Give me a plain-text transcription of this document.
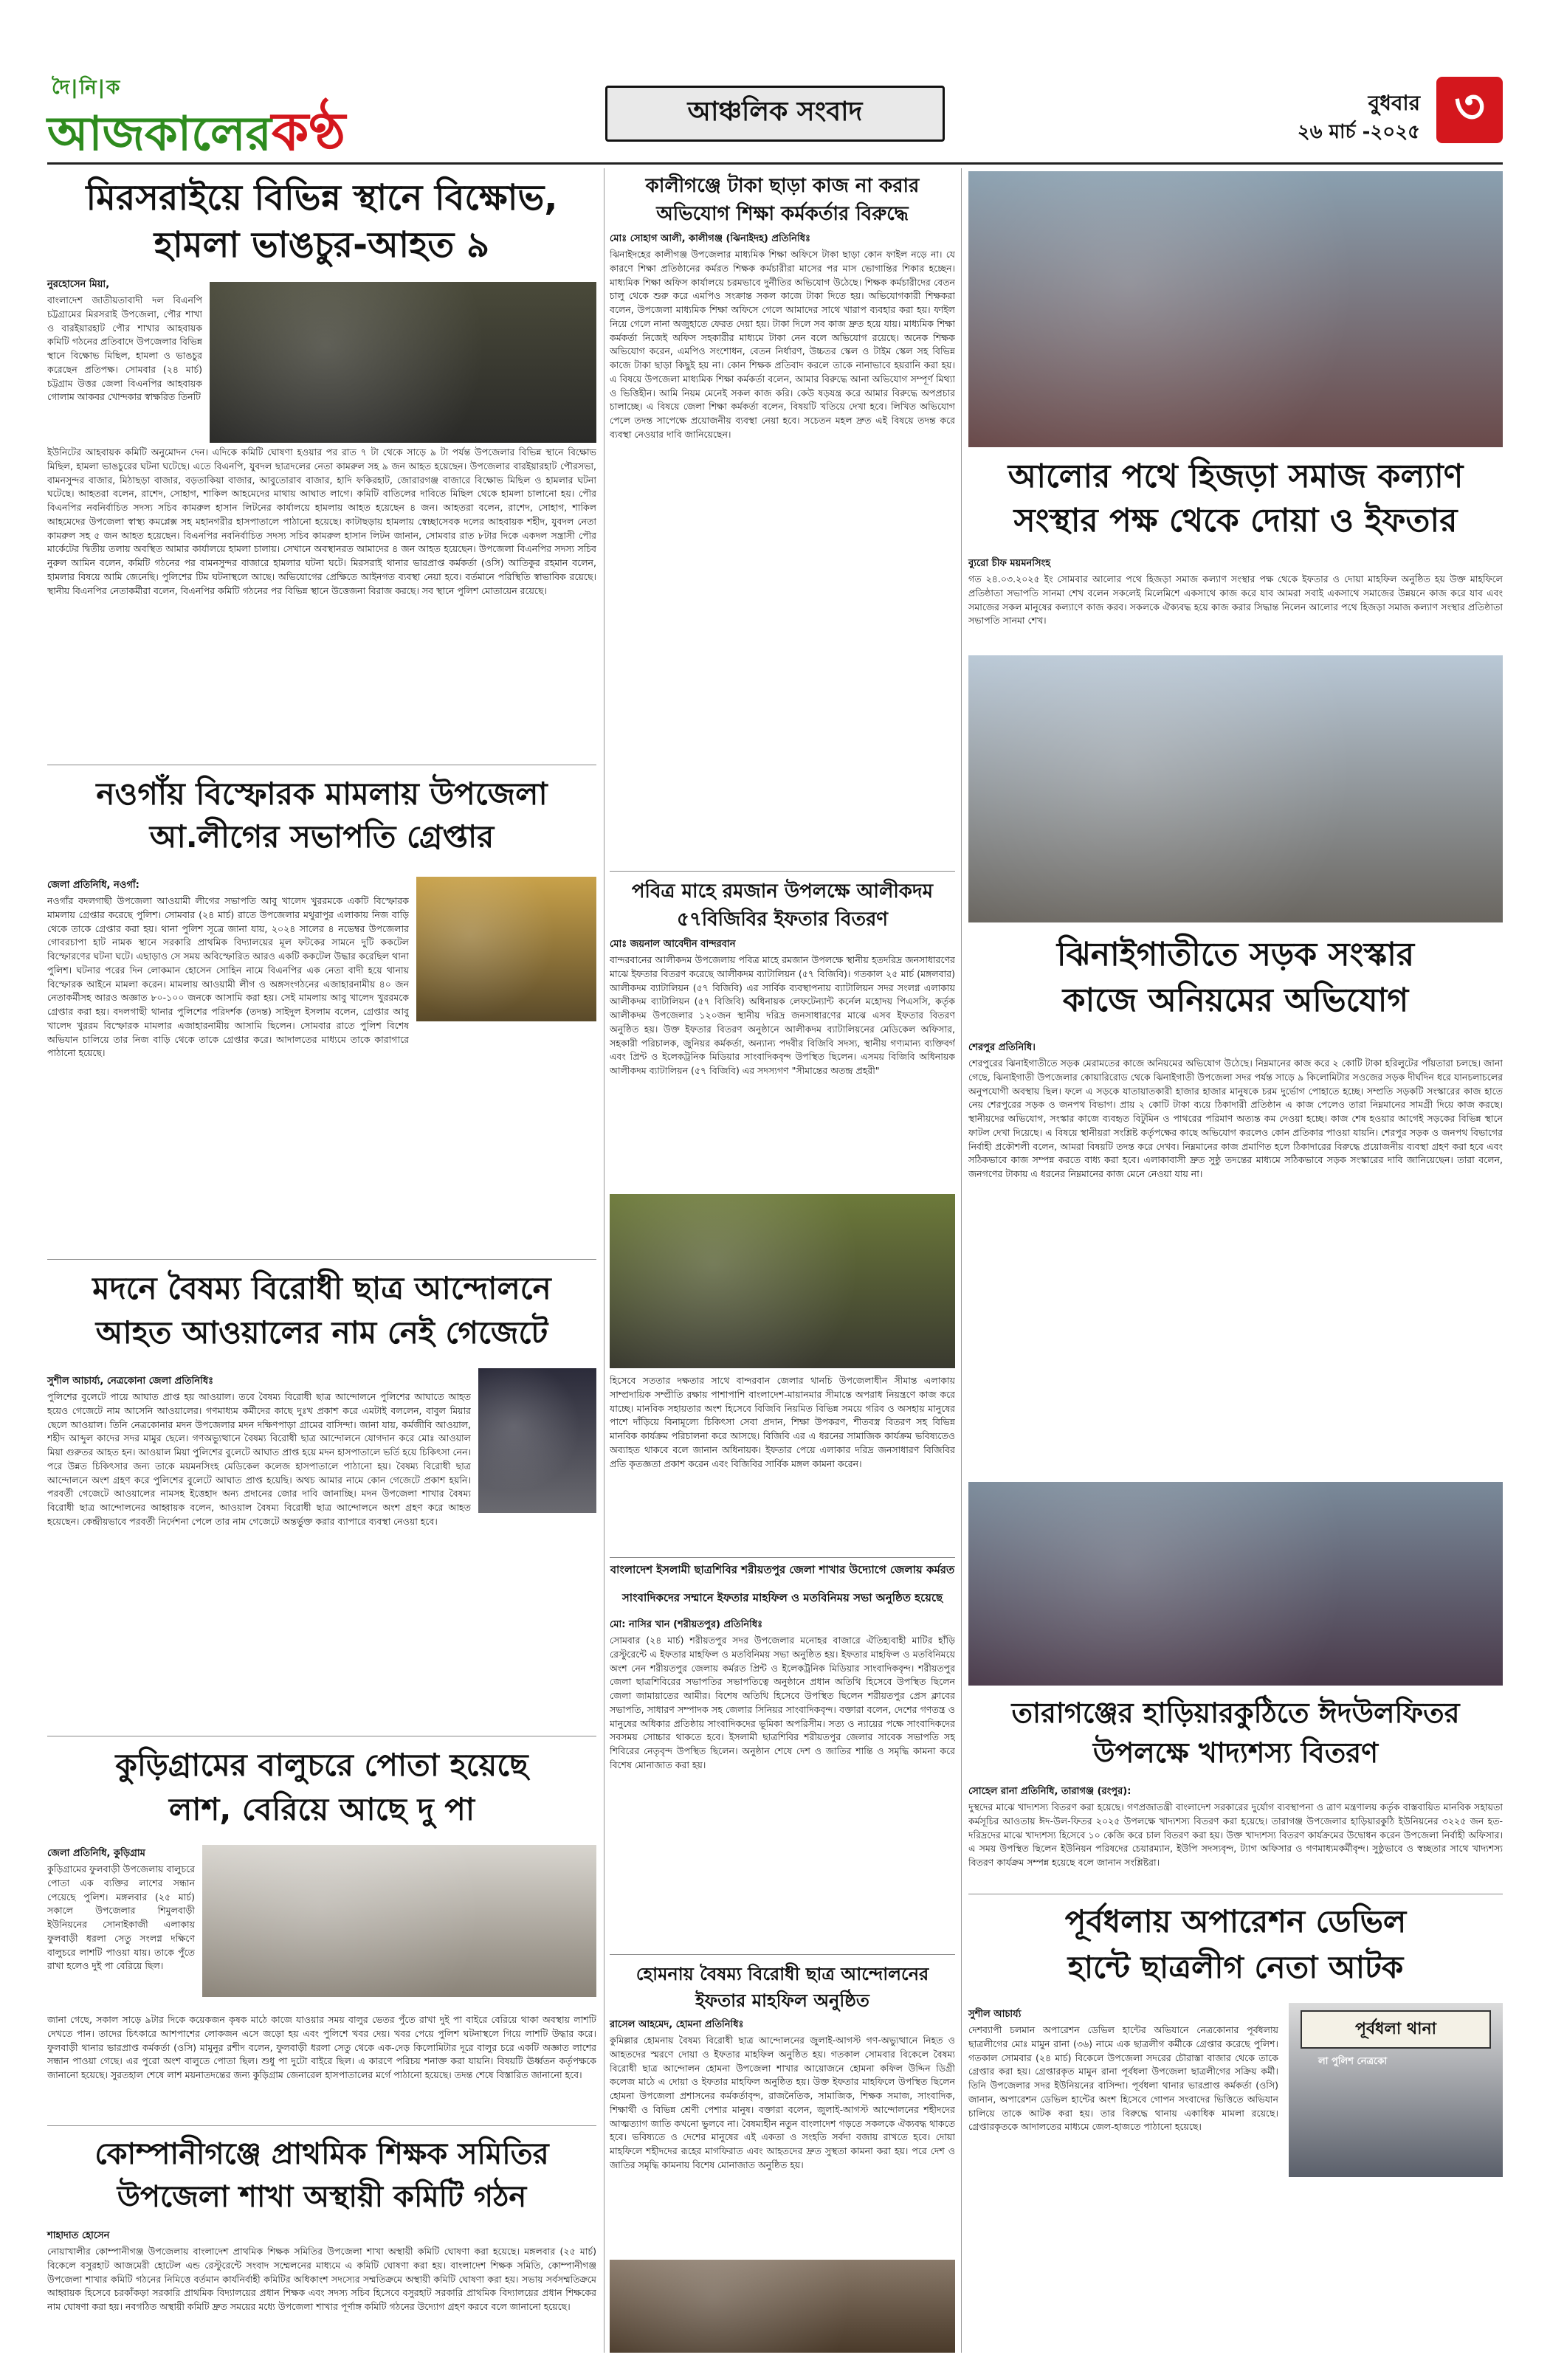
দৈ|নি|ক
আজকালেরকণ্ঠ	আঞ্চলিক সংবাদ	বুধবার
২৬ মার্চ -২০২৫ ৩
মিরসরাইয়ে বিভিন্ন স্থানে বিক্ষোভ,
হামলা ভাঙচুর-আহত ৯
নুরহোসেন মিয়া,
বাংলাদেশ জাতীয়তাবাদী দল বিএনপি চট্টগ্রামের মিরসরাই উপজেলা, পৌর শাখা ও বারইয়ারহাট পৌর শাখার আহবায়ক কমিটি গঠনের প্রতিবাদে উপজেলার বিভিন্ন স্থানে বিক্ষোভ মিছিল, হামলা ও ভাঙচুর করেছেন প্রতিপক্ষ। সোমবার (২৪ মার্চ) চট্টগ্রাম উত্তর জেলা বিএনপির আহবায়ক গোলাম আকবর খোন্দকার স্বাক্ষরিত তিনটি
ইউনিটের আহবায়ক কমিটি অনুমোদন দেন। এদিকে কমিটি ঘোষণা হওয়ার পর রাত ৭ টা থেকে সাড়ে ৯ টা পর্যন্ত উপজেলার বিভিন্ন স্থানে বিক্ষোভ মিছিল, হামলা ভাঙচুরের ঘটনা ঘটেছে। এতে বিএনপি, যুবদল ছাত্রদলের নেতা কামরুল সহ ৯ জন আহত হয়েছেন। উপজেলার বারইয়ারহাট পৌরসভা, বামনসুন্দর বাজার, মিঠাছড়া বাজার, বড়তাকিয়া বাজার, আবুতোরাব বাজার, হাদি ফকিরহাট, জোরারগঞ্জ বাজারে বিক্ষোভ মিছিল ও হামলার ঘটনা ঘটেছে। আহতরা বলেন, রাশেদ, সোহাগ, শাকিল আহমেদের মাথায় আঘাত লাগে। কমিটি বাতিলের দাবিতে মিছিল থেকে হামলা চালানো হয়। পৌর বিএনপির নবনির্বাচিত সদস্য সচিব কামরুল হাসান লিটনের কার্যালয়ে হামলায় আহত হয়েছেন ৪ জন। আহতরা বলেন, রাশেদ, সোহাগ, শাকিল আহমেদের উপজেলা স্বাস্থ্য কমপ্লেক্স সহ মহানগরীর হাসপাতালে পাঠানো হয়েছে। কাটাছড়ায় হামলায় স্বেচ্ছাসেবক দলের আহবায়ক শহীদ, যুবদল নেতা কামরুল সহ ৫ জন আহত হয়েছেন। বিএনপির নবনির্বাচিত সদস্য সচিব কামরুল হাসান লিটন জানান, সোমবার রাত ৮টার দিকে একদল সন্ত্রাসী পৌর মার্কেটের দ্বিতীয় তলায় অবস্থিত আমার কার্যালয়ে হামলা চালায়। সেখানে অবস্থানরত আমাদের ৪ জন আহত হয়েছেন। উপজেলা বিএনপির সদস্য সচিব নুরুল আমিন বলেন, কমিটি গঠনের পর বামনসুন্দর বাজারে হামলার ঘটনা ঘটে। মিরসরাই থানার ভারপ্রাপ্ত কর্মকর্তা (ওসি) আতিকুর রহমান বলেন, হামলার বিষয়ে আমি জেনেছি। পুলিশের টিম ঘটনাস্থলে আছে। অভিযোগের প্রেক্ষিতে আইনগত ব্যবস্থা নেয়া হবে। বর্তমানে পরিস্থিতি স্বাভাবিক রয়েছে। স্থানীয় বিএনপির নেতাকর্মীরা বলেন, বিএনপির কমিটি গঠনের পর বিভিন্ন স্থানে উত্তেজনা বিরাজ করছে। সব স্থানে পুলিশ মোতায়েন রয়েছে।
নওগাঁয় বিস্ফোরক মামলায় উপজেলা
আ.লীগের সভাপতি গ্রেপ্তার
জেলা প্রতিনিধি, নওগাঁ:
নওগাঁর বদলগাছী উপজেলা আওয়ামী লীগের সভাপতি আবু খালেদ খুররমকে একটি বিস্ফোরক মামলায় গ্রেপ্তার করেছে পুলিশ। সোমবার (২৪ মার্চ) রাতে উপজেলার মথুরাপুর এলাকায় নিজ বাড়ি থেকে তাকে গ্রেপ্তার করা হয়। থানা পুলিশ সূত্রে জানা যায়, ২০২৪ সালের ৪ নভেম্বর উপজেলার গোবরচাপা হাট নামক স্থানে সরকারি প্রাথমিক বিদ্যালয়ের মূল ফটকের সামনে দুটি ককটেল বিস্ফোরণের ঘটনা ঘটে। এছাড়াও সে সময় অবিস্ফোরিত আরও একটি ককটেল উদ্ধার করেছিল থানা পুলিশ। ঘটনার পরের দিন লোকমান হোসেন সোহিন নামে বিএনপির এক নেতা বাদী হয়ে থানায় বিস্ফোরক আইনে মামলা করেন। মামলায় আওয়ামী লীগ ও অঙ্গসংগঠনের এজাহারনামীয় ৪০ জন নেতাকর্মীসহ আরও অজ্ঞাত ৮০-১০০ জনকে আসামি করা হয়। সেই মামলায় আবু খালেদ খুররমকে গ্রেপ্তার করা হয়। বদলগাছী থানার পুলিশের পরিদর্শক (তদন্ত) সাইদুল ইসলাম বলেন, গ্রেপ্তার আবু খালেদ খুররম বিস্ফোরক মামলার এজাহারনামীয় আসামি ছিলেন। সোমবার রাতে পুলিশ বিশেষ অভিযান চালিয়ে তার নিজ বাড়ি থেকে তাকে গ্রেপ্তার করে। আদালতের মাধ্যমে তাকে কারাগারে পাঠানো হয়েছে।
মদনে বৈষম্য বিরোধী ছাত্র আন্দোলনে
আহত আওয়ালের নাম নেই গেজেটে
সুশীল আচার্য্য, নেত্রকোনা জেলা প্রতিনিধিঃ
পুলিশের বুলেটে পায়ে আঘাত প্রাপ্ত হয় আওয়াল। তবে বৈষম্য বিরোধী ছাত্র আন্দোলনে পুলিশের আঘাতে আহত হয়েও গেজেটে নাম আসেনি আওয়ালের। গণমাধ্যম কর্মীদের কাছে দুঃখ প্রকাশ করে এমটাই বললেন, বাবুল মিয়ার ছেলে আওয়াল। তিনি নেত্রকোনার মদন উপজেলার মদন দক্ষিণপাড়া গ্রামের বাসিন্দা। জানা যায়, কর্মজীবি আওয়াল, শহীদ আব্দুল কাদের সদর মামুর ছেলে। গণঅভ্যুত্থানে বৈষম্য বিরোধী ছাত্র আন্দোলনে যোগদান করে মোঃ আওয়াল মিয়া গুরুতর আহত হন। আওয়াল মিয়া পুলিশের বুলেটে আঘাত প্রাপ্ত হয়ে মদন হাসপাতালে ভর্তি হয়ে চিকিৎসা নেন। পরে উন্নত চিকিৎসার জন্য তাকে ময়মনসিংহ মেডিকেল কলেজ হাসপাতালে পাঠানো হয়। বৈষম্য বিরোধী ছাত্র আন্দোলনে অংশ গ্রহণ করে পুলিশের বুলেটে আঘাত প্রাপ্ত হয়েছি। অথচ আমার নামে কোন গেজেটে প্রকাশ হয়নি। পরবর্তী গেজেটে আওয়ালের নামসহ ইত্তেহাদ অন্য প্রদানের জোর দাবি জানাচ্ছি। মদন উপজেলা শাখার বৈষম্য বিরোধী ছাত্র আন্দোলনের আহ্বায়ক বলেন, আওয়াল বৈষম্য বিরোধী ছাত্র আন্দোলনে অংশ গ্রহণ করে আহত হয়েছেন। কেন্দ্রীয়ভাবে পরবর্তী নির্দেশনা পেলে তার নাম গেজেটে অন্তর্ভুক্ত করার ব্যাপারে ব্যবস্থা নেওয়া হবে।
কুড়িগ্রামের বালুচরে পোতা হয়েছে
লাশ, বেরিয়ে আছে দু পা
জেলা প্রতিনিধি, কুড়িগ্রাম
কুড়িগ্রামের ফুলবাড়ী উপজেলায় বালুচরে পোতা এক ব্যক্তির লাশের সন্ধান পেয়েছে পুলিশ। মঙ্গলবার (২৫ মার্চ) সকালে উপজেলার শিমুলবাড়ী ইউনিয়নের সোনাইকাজী এলাকায় ফুলবাড়ী ধরলা সেতু সংলগ্ন দক্ষিণে বালুচরে লাশটি পাওয়া যায়। তাকে পুঁতে রাখা হলেও দুই পা বেরিয়ে ছিল।
জানা গেছে, সকাল সাড়ে ৯টার দিকে কয়েকজন কৃষক মাঠে কাজে যাওয়ার সময় বালুর ভেতর পুঁতে রাখা দুই পা বাইরে বেরিয়ে থাকা অবস্থায় লাশটি দেখতে পান। তাদের চিৎকারে আশপাশের লোকজন এসে জড়ো হয় এবং পুলিশে খবর দেয়। খবর পেয়ে পুলিশ ঘটনাস্থলে গিয়ে লাশটি উদ্ধার করে। ফুলবাড়ী থানার ভারপ্রাপ্ত কর্মকর্তা (ওসি) মামুনুর রশীদ বলেন, ফুলবাড়ী ধরলা সেতু থেকে এক-দেড় কিলোমিটার দূরে বালুর চরে একটি অজ্ঞাত লাশের সন্ধান পাওয়া গেছে। এর পুরো অংশ বালুতে পোতা ছিল। শুধু পা দুটো বাইরে ছিল। এ কারণে পরিচয় শনাক্ত করা যায়নি। বিষয়টি ঊর্ধ্বতন কর্তৃপক্ষকে জানানো হয়েছে। সুরতহাল শেষে লাশ ময়নাতদন্তের জন্য কুড়িগ্রাম জেনারেল হাসপাতালের মর্গে পাঠানো হয়েছে। তদন্ত শেষে বিস্তারিত জানানো হবে।
কোম্পানীগঞ্জে প্রাথমিক শিক্ষক সমিতির
উপজেলা শাখা অস্থায়ী কমিটি গঠন
শাহাদাত হোসেন
নোয়াখালীর কোম্পানীগঞ্জ উপজেলায় বাংলাদেশ প্রাথমিক শিক্ষক সমিতির উপজেলা শাখা অস্থায়ী কমিটি ঘোষণা করা হয়েছে। মঙ্গলবার (২৫ মার্চ) বিকেলে বসুরহাট আজমেরী হোটেল এন্ড রেস্টুরেন্টে সংবাদ সম্মেলনের মাধ্যমে এ কমিটি ঘোষণা করা হয়। বাংলাদেশ শিক্ষক সমিতি, কোম্পানীগঞ্জ উপজেলা শাখার কমিটি গঠনের নিমিত্তে বর্তমান কার্যনির্বাহী কমিটির অধিকাংশ সদস্যের সম্মতিক্রমে অস্থায়ী কমিটি ঘোষণা করা হয়। সভায় সর্বসম্মতিক্রমে আহ্বায়ক হিসেবে চরকাঁকড়া সরকারি প্রাথমিক বিদ্যালয়ের প্রধান শিক্ষক এবং সদস্য সচিব হিসেবে বসুরহাট সরকারি প্রাথমিক বিদ্যালয়ের প্রধান শিক্ষকের নাম ঘোষণা করা হয়। নবগঠিত অস্থায়ী কমিটি দ্রুত সময়ের মধ্যে উপজেলা শাখার পূর্ণাঙ্গ কমিটি গঠনের উদ্যোগ গ্রহণ করবে বলে জানানো হয়েছে।
কালীগঞ্জে টাকা ছাড়া কাজ না করার
অভিযোগ শিক্ষা কর্মকর্তার বিরুদ্ধে
মোঃ সোহাগ আলী, কালীগঞ্জ (ঝিনাইদহ) প্রতিনিধিঃ
ঝিনাইদহের কালীগঞ্জ উপজেলার মাধ্যমিক শিক্ষা অফিসে টাকা ছাড়া কোন ফাইল নড়ে না। যে কারণে শিক্ষা প্রতিষ্ঠানের কর্মরত শিক্ষক কর্মচারীরা মাসের পর মাস ভোগান্তির শিকার হচ্ছেন। মাধ্যমিক শিক্ষা অফিস কার্যালয়ে চরমভাবে দুর্নীতির অভিযোগ উঠেছে। শিক্ষক কর্মচারীদের বেতন চালু থেকে শুরু করে এমপিও সংক্রান্ত সকল কাজে টাকা দিতে হয়। অভিযোগকারী শিক্ষকরা বলেন, উপজেলা মাধ্যমিক শিক্ষা অফিসে গেলে আমাদের সাথে খারাপ ব্যবহার করা হয়। ফাইল নিয়ে গেলে নানা অজুহাতে ফেরত দেয়া হয়। টাকা দিলে সব কাজ দ্রুত হয়ে যায়। মাধ্যমিক শিক্ষা কর্মকর্তা নিজেই অফিস সহকারীর মাধ্যমে টাকা নেন বলে অভিযোগ রয়েছে। অনেক শিক্ষক অভিযোগ করেন, এমপিও সংশোধন, বেতন নির্ধারণ, উচ্চতর স্কেল ও টাইম স্কেল সহ বিভিন্ন কাজে টাকা ছাড়া কিছুই হয় না। কোন শিক্ষক প্রতিবাদ করলে তাকে নানাভাবে হয়রানি করা হয়। এ বিষয়ে উপজেলা মাধ্যমিক শিক্ষা কর্মকর্তা বলেন, আমার বিরুদ্ধে আনা অভিযোগ সম্পূর্ণ মিথ্যা ও ভিত্তিহীন। আমি নিয়ম মেনেই সকল কাজ করি। কেউ ষড়যন্ত্র করে আমার বিরুদ্ধে অপপ্রচার চালাচ্ছে। এ বিষয়ে জেলা শিক্ষা কর্মকর্তা বলেন, বিষয়টি খতিয়ে দেখা হবে। লিখিত অভিযোগ পেলে তদন্ত সাপেক্ষে প্রয়োজনীয় ব্যবস্থা নেয়া হবে। সচেতন মহল দ্রুত এই বিষয়ে তদন্ত করে ব্যবস্থা নেওয়ার দাবি জানিয়েছেন।
পবিত্র মাহে রমজান উপলক্ষে আলীকদম
৫৭বিজিবির ইফতার বিতরণ
মোঃ জয়নাল আবেদীন বান্দরবান
বান্দরবানের আলীকদম উপজেলায় পবিত্র মাহে রমজান উপলক্ষে স্থানীয় হতদরিদ্র জনসাধারণের মাঝে ইফতার বিতরণ করেছে আলীকদম ব্যাটালিয়ন (৫৭ বিজিবি)। গতকাল ২৫ মার্চ (মঙ্গলবার) আলীকদম ব্যাটালিয়ন (৫৭ বিজিবি) এর সার্বিক ব্যবস্থাপনায় ব্যাটালিয়ন সদর সংলগ্ন এলাকায় আলীকদম ব্যাটালিয়ন (৫৭ বিজিবি) অধিনায়ক লেফটেন্যান্ট কর্নেল মহোদয় পিএসসি, কর্তৃক আলীকদম উপজেলার ১২০জন স্থানীয় দরিদ্র জনসাধারণের মাঝে এসব ইফতার বিতরণ অনুষ্ঠিত হয়। উক্ত ইফতার বিতরণ অনুষ্ঠানে আলীকদম ব্যাটালিয়নের মেডিকেল অফিসার, সহকারী পরিচালক, জুনিয়র কর্মকর্তা, অন্যান্য পদবীর বিজিবি সদস্য, স্থানীয় গণ্যমান্য ব্যক্তিবর্গ এবং প্রিন্ট ও ইলেকট্রনিক মিডিয়ার সাংবাদিকবৃন্দ উপস্থিত ছিলেন। এসময় বিজিবি অধিনায়ক আলীকদম ব্যাটালিয়ন (৫৭ বিজিবি) এর সদস্যগণ "সীমান্তের অতন্দ্র প্রহরী"
হিসেবে সততার দক্ষতার সাথে বান্দরবান জেলার থানচি উপজেলাধীন সীমান্ত এলাকায় সাম্প্রদায়িক সম্প্রীতি রক্ষায় পাশাপাশি বাংলাদেশ-মায়ানমার সীমান্তে অপরাধ নিয়ন্ত্রণে কাজ করে যাচ্ছে। মানবিক সহায়তার অংশ হিসেবে বিজিবি নিয়মিত বিভিন্ন সময়ে গরিব ও অসহায় মানুষের পাশে দাঁড়িয়ে বিনামূল্যে চিকিৎসা সেবা প্রদান, শিক্ষা উপকরণ, শীতবস্ত্র বিতরণ সহ বিভিন্ন মানবিক কার্যক্রম পরিচালনা করে আসছে। বিজিবি এর এ ধরনের সামাজিক কার্যক্রম ভবিষ্যতেও অব্যাহত থাকবে বলে জানান অধিনায়ক। ইফতার পেয়ে এলাকার দরিদ্র জনসাধারণ বিজিবির প্রতি কৃতজ্ঞতা প্রকাশ করেন এবং বিজিবির সার্বিক মঙ্গল কামনা করেন।
বাংলাদেশ ইসলামী ছাত্রশিবির শরীয়তপুর জেলা শাখার উদ্যোগে জেলায় কর্মরত
সাংবাদিকদের সম্মানে ইফতার মাহফিল ও মতবিনিময় সভা অনুষ্ঠিত হয়েছে
মো: নাসির খান (শরীয়তপুর) প্রতিনিধিঃ
সোমবার (২৪ মার্চ) শরীয়তপুর সদর উপজেলার মনোহর বাজারে ঐতিহ্যবাহী মাটির হাঁড়ি রেস্টুরেন্টে এ ইফতার মাহফিল ও মতবিনিময় সভা অনুষ্ঠিত হয়। ইফতার মাহফিল ও মতবিনিময়ে অংশ নেন শরীয়তপুর জেলায় কর্মরত প্রিন্ট ও ইলেকট্রনিক মিডিয়ার সাংবাদিকবৃন্দ। শরীয়তপুর জেলা ছাত্রশিবিরের সভাপতির সভাপতিত্বে অনুষ্ঠানে প্রধান অতিথি হিসেবে উপস্থিত ছিলেন জেলা জামায়াতের আমীর। বিশেষ অতিথি হিসেবে উপস্থিত ছিলেন শরীয়তপুর প্রেস ক্লাবের সভাপতি, সাধারণ সম্পাদক সহ জেলার সিনিয়র সাংবাদিকবৃন্দ। বক্তারা বলেন, দেশের গণতন্ত্র ও মানুষের অধিকার প্রতিষ্ঠায় সাংবাদিকদের ভূমিকা অপরিসীম। সত্য ও ন্যায়ের পক্ষে সাংবাদিকদের সবসময় সোচ্চার থাকতে হবে। ইসলামী ছাত্রশিবির শরীয়তপুর জেলার সাবেক সভাপতি সহ শিবিরের নেতৃবৃন্দ উপস্থিত ছিলেন। অনুষ্ঠান শেষে দেশ ও জাতির শান্তি ও সমৃদ্ধি কামনা করে বিশেষ মোনাজাত করা হয়।
হোমনায় বৈষম্য বিরোধী ছাত্র আন্দোলনের
ইফতার মাহফিল অনুষ্ঠিত
রাসেল আহমেদ, হোমনা প্রতিনিধিঃ
কুমিল্লার হোমনায় বৈষম্য বিরোধী ছাত্র আন্দোলনের জুলাই-আগস্ট গণ-অভ্যুত্থানে নিহত ও আহতদের স্মরণে দোয়া ও ইফতার মাহফিল অনুষ্ঠিত হয়। গতকাল সোমবার বিকেলে বৈষম্য বিরোধী ছাত্র আন্দোলন হোমনা উপজেলা শাখার আয়োজনে হোমনা কফিল উদ্দিন ডিগ্রী কলেজ মাঠে এ দোয়া ও ইফতার মাহফিল অনুষ্ঠিত হয়। উক্ত ইফতার মাহফিলে উপস্থিত ছিলেন হোমনা উপজেলা প্রশাসনের কর্মকর্তাবৃন্দ, রাজনৈতিক, সামাজিক, শিক্ষক সমাজ, সাংবাদিক, শিক্ষার্থী ও বিভিন্ন শ্রেণী পেশার মানুষ। বক্তারা বলেন, জুলাই-আগস্ট আন্দোলনের শহীদদের আত্মত্যাগ জাতি কখনো ভুলবে না। বৈষম্যহীন নতুন বাংলাদেশ গড়তে সকলকে ঐক্যবদ্ধ থাকতে হবে। ভবিষ্যতে ও দেশের মানুষের এই একতা ও সংহতি সর্বদা বজায় রাখতে হবে। দোয়া মাহফিলে শহীদদের রূহের মাগফিরাত এবং আহতদের দ্রুত সুস্থতা কামনা করা হয়। পরে দেশ ও জাতির সমৃদ্ধি কামনায় বিশেষ মোনাজাত অনুষ্ঠিত হয়।
আলোর পথে হিজড়া সমাজ কল্যাণ
সংস্থার পক্ষ থেকে দোয়া ও ইফতার
ব্যুরো চীফ ময়মনসিংহ
গত ২৪.০৩.২০২৫ ইং সোমবার আলোর পথে হিজড়া সমাজ কল্যাণ সংস্থার পক্ষ থেকে ইফতার ও দোয়া মাহফিল অনুষ্ঠিত হয় উক্ত মাহফিলে প্রতিষ্ঠাতা সভাপতি সানমা শেখ বলেন সকলেই মিলেমিশে একসাথে কাজ করে যাব আমরা সবাই একসাথে সমাজের উন্নয়নে কাজ করে যাব এবং সমাজের সকল মানুষের কল্যাণে কাজ করব। সকলকে ঐক্যবদ্ধ হয়ে কাজ করার সিদ্ধান্ত নিলেন আলোর পথে হিজড়া সমাজ কল্যাণ সংস্থার প্রতিষ্ঠাতা সভাপতি সানমা শেখ।
ঝিনাইগাতীতে সড়ক সংস্কার
কাজে অনিয়মের অভিযোগ
শেরপুর প্রতিনিধি।
শেরপুরের ঝিনাইগাতীতে সড়ক মেরামতের কাজে অনিয়মের অভিযোগ উঠেছে। নিম্নমানের কাজ করে ২ কোটি টাকা হরিলুটের পাঁয়তারা চলছে। জানা গেছে, ঝিনাইগাতী উপজেলার কোয়ারিরোড থেকে ঝিনাইগাতী উপজেলা সদর পর্যন্ত সাড়ে ৯ কিলোমিটার সওজের সড়ক দীর্ঘদিন ধরে যানচলাচলের অনুপযোগী অবস্থায় ছিল। ফলে এ সড়কে যাতায়াতকারী হাজার হাজার মানুষকে চরম দুর্ভোগ পোহাতে হচ্ছে। সম্প্রতি সড়কটি সংস্কারের কাজ হাতে নেয় শেরপুরের সড়ক ও জনপথ বিভাগ। প্রায় ২ কোটি টাকা ব্যয়ে ঠিকাদারী প্রতিষ্ঠান এ কাজ পেলেও তারা নিম্নমানের সামগ্রী দিয়ে কাজ করছে। স্থানীয়দের অভিযোগ, সংস্কার কাজে ব্যবহৃত বিটুমিন ও পাথরের পরিমাণ অত্যন্ত কম দেওয়া হচ্ছে। কাজ শেষ হওয়ার আগেই সড়কের বিভিন্ন স্থানে ফাটল দেখা দিয়েছে। এ বিষয়ে স্থানীয়রা সংশ্লিষ্ট কর্তৃপক্ষের কাছে অভিযোগ করলেও কোন প্রতিকার পাওয়া যায়নি। শেরপুর সড়ক ও জনপথ বিভাগের নির্বাহী প্রকৌশলী বলেন, আমরা বিষয়টি তদন্ত করে দেখব। নিম্নমানের কাজ প্রমাণিত হলে ঠিকাদারের বিরুদ্ধে প্রয়োজনীয় ব্যবস্থা গ্রহণ করা হবে এবং সঠিকভাবে কাজ সম্পন্ন করতে বাধ্য করা হবে। এলাকাবাসী দ্রুত সুষ্ঠু তদন্তের মাধ্যমে সঠিকভাবে সড়ক সংস্কারের দাবি জানিয়েছেন। তারা বলেন, জনগণের টাকায় এ ধরনের নিম্নমানের কাজ মেনে নেওয়া যায় না।
তারাগঞ্জের হাড়িয়ারকুঠিতে ঈদউলফিতর
উপলক্ষে খাদ্যশস্য বিতরণ
সোহেল রানা প্রতিনিধি, তারাগঞ্জ (রংপুর):
দুস্থদের মাঝে খাদ্যশস্য বিতরণ করা হয়েছে। গণপ্রজাতন্ত্রী বাংলাদেশ সরকারের দুর্যোগ ব্যবস্থাপনা ও ত্রাণ মন্ত্রণালয় কর্তৃক বাস্তবায়িত মানবিক সহায়তা কর্মসূচির আওতায় ঈদ-উল-ফিতর ২০২৫ উপলক্ষে খাদ্যশস্য বিতরণ করা হয়েছে। তারাগঞ্জ উপজেলার হাড়িয়ারকুঠি ইউনিয়নের ৩২২৫ জন হত-দরিদ্রদের মাঝে খাদ্যশস্য হিসেবে ১০ কেজি করে চাল বিতরণ করা হয়। উক্ত খাদ্যশস্য বিতরণ কার্যক্রমের উদ্বোধন করেন উপজেলা নির্বাহী অফিসার। এ সময় উপস্থিত ছিলেন ইউনিয়ন পরিষদের চেয়ারম্যান, ইউপি সদস্যবৃন্দ, ট্যাগ অফিসার ও গণমাধ্যমকর্মীবৃন্দ। সুষ্ঠুভাবে ও স্বচ্ছতার সাথে খাদ্যশস্য বিতরণ কার্যক্রম সম্পন্ন হয়েছে বলে জানান সংশ্লিষ্টরা।
পূর্বধলায় অপারেশন ডেভিল
হান্টে ছাত্রলীগ নেতা আটক
সুশীল আচার্য্য
দেশব্যাপী চলমান অপারেশন ডেভিল হান্টের অভিযানে নেত্রকোনার পূর্বধলায় ছাত্রলীগের মোঃ মামুন রানা (৩৬) নামে এক ছাত্রলীগ কর্মীকে গ্রেপ্তার করেছে পুলিশ। গতকাল সোমবার (২৪ মার্চ) বিকেলে উপজেলা সদরের চৌরাস্তা বাজার থেকে তাকে গ্রেপ্তার করা হয়। গ্রেপ্তারকৃত মামুন রানা পূর্বধলা উপজেলা ছাত্রলীগের সক্রিয় কর্মী। তিনি উপজেলার সদর ইউনিয়নের বাসিন্দা। পূর্বধলা থানার ভারপ্রাপ্ত কর্মকর্তা (ওসি) জানান, অপারেশন ডেভিল হান্টের অংশ হিসেবে গোপন সংবাদের ভিত্তিতে অভিযান চালিয়ে তাকে আটক করা হয়। তার বিরুদ্ধে থানায় একাধিক মামলা রয়েছে। গ্রেপ্তারকৃতকে আদালতের মাধ্যমে জেল-হাজতে পাঠানো হয়েছে।
পূর্বধলা থানা
লা পুলিশ নেত্রকো
